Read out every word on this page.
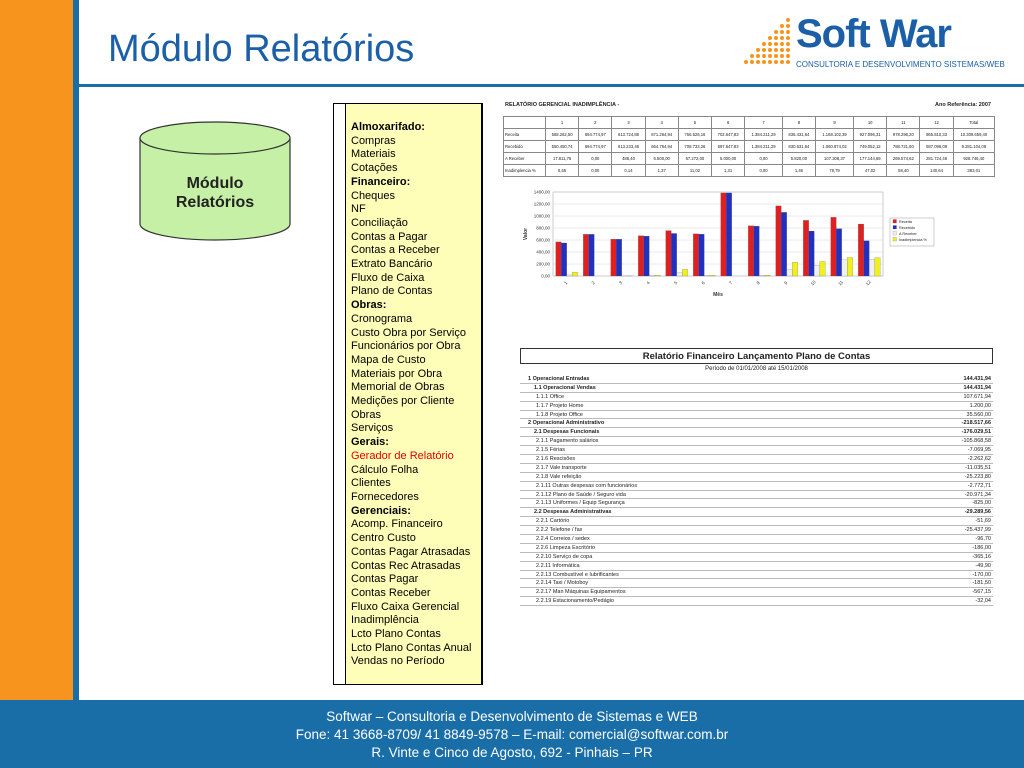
Módulo Relatórios	Soft War
CONSULTORIA E DESENVOLVIMENTO SISTEMAS/WEB
Módulo
Relatórios
Almoxarifado:
Compras
Materiais
Cotações
Financeiro:
Cheques
NF
Conciliação
Contas a Pagar
Contas a Receber
Extrato Bancário
Fluxo de Caixa
Plano de Contas
Obras:
Cronograma
Custo Obra por Serviço
Funcionários por Obra
Mapa de Custo
Materiais por Obra
Memorial de Obras
Medições por Cliente
Obras
Serviços
Gerais:
Gerador de Relatório
Cálculo Folha
Clientes
Fornecedores
Gerenciais:
Acomp. Financeiro
Centro Custo
Contas Pagar Atrasadas
Contas Rec Atrasadas
Contas Pagar
Contas Receber
Fluxo Caixa Gerencial
Inadimplência
Lcto Plano Contas
Lcto Plano Contas Anual
Vendas no Período
RELATÓRIO GERENCIAL INADIMPLÊNCIA -	Ano Referência: 2007
	1	2	3	4	5	6	7	8	9	10	11	12	Total
Receita	568.262,50	694.774,97	613.724,88	671.264,94	756.526,16	702.647,83	1.384.211,29	836.431,64	1.168.102,39	927.096,31	978.296,20	865.810,33	10.309.659,40
Recebido	550.450,74	694.774,97	613.233,48	664.764,94	708.733,26	697.647,83	1.384.211,29	830.631,64	1.060.874,02	749.052,12	788.721,60	587.096,09	9.281.104,09
A Receber	17.811,76	0,00	488,40	6.500,00	57.272,00	5.000,00	0,00	5.820,00	107.308,37	177.144,69	269.574,62	281.724,46	928.746,40
Inadimplencia %	6,55	0,00	0,14	1,37	11,02	1,31	0,00	1,46	78,79	47,02	58,40	140,64	383,01
0,00
200,00
400,00
600,00
800,00
1000,00
1200,00
1400,00
1	2	3	4	5	6	7	8	9	10	11	12
Mês
Valor
Receita
Recebido
A Receber
Inadimplencia %
Relatório Financeiro Lançamento Plano de Contas
Período de 01/01/2008 até 15/01/2008
1 Operacional Entradas	144.431,94
1.1 Operacional Vendas	144.431,94
1.1.1 Office	107.671,94
1.1.7 Projeto Home	1.200,00
1.1.8 Projeto Office	35.560,00
2 Operacional Administrativo	-218.517,66
2.1 Despesas Funcionais	-176.029,51
2.1.1 Pagamento salários	-105.868,58
2.1.5 Férias	-7.069,95
2.1.6 Rescisões	-2.262,62
2.1.7 Vale transporte	-11.035,51
2.1.8 Vale refeição	-25.223,80
2.1.11 Outras despesas com funcionários	-2.772,71
2.1.12 Plano de Saúde / Seguro vida	-20.971,34
2.1.13 Uniformes / Equip Segurança	-825,00
2.2 Despesas Administrativas	-29.289,56
2.2.1 Cartório	-51,69
2.2.2 Telefone / fax	-25.437,99
2.2.4 Correios / sedex	-96,70
2.2.6 Limpeza Escritório	-186,00
2.2.10 Serviço de copa	-365,16
2.2.11 Informática	-49,90
2.2.13 Combustível e lubrificantes	-170,00
2.2.14 Taxi / Motoboy	-181,50
2.2.17 Man Máquinas Equipamentos	-567,15
2.2.19 Estacionamento/Pedágio	-32,04
Softwar – Consultoria e Desenvolvimento de Sistemas e WEB
Fone: 41 3668-8709/ 41 8849-9578 – E-mail: comercial@softwar.com.br
R. Vinte e Cinco de Agosto, 692 - Pinhais – PR
